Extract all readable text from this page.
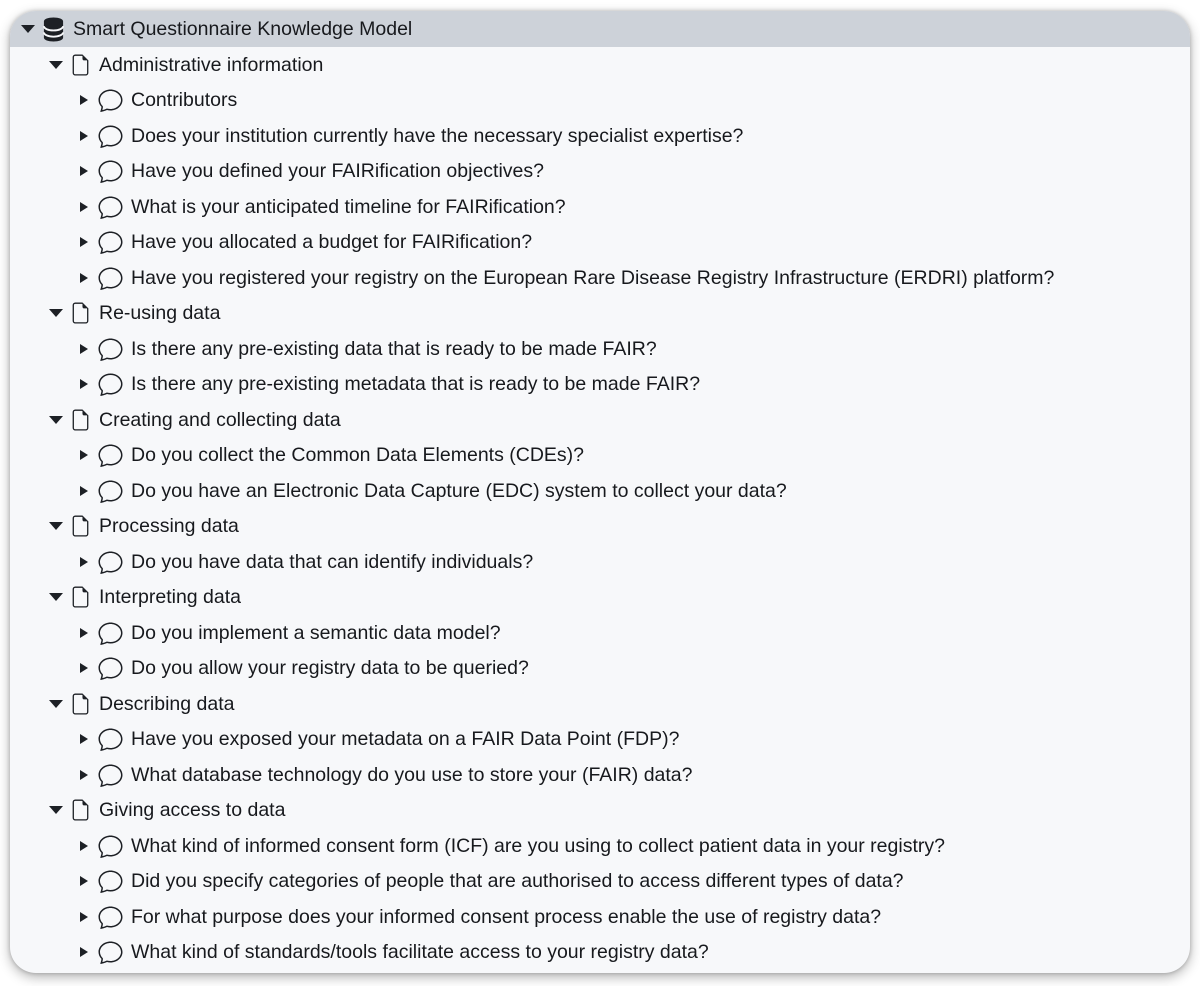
Smart Questionnaire Knowledge Model
Administrative information
Contributors
Does your institution currently have the necessary specialist expertise?
Have you defined your FAIRification objectives?
What is your anticipated timeline for FAIRification?
Have you allocated a budget for FAIRification?
Have you registered your registry on the European Rare Disease Registry Infrastructure (ERDRI) platform?
Re-using data
Is there any pre-existing data that is ready to be made FAIR?
Is there any pre-existing metadata that is ready to be made FAIR?
Creating and collecting data
Do you collect the Common Data Elements (CDEs)?
Do you have an Electronic Data Capture (EDC) system to collect your data?
Processing data
Do you have data that can identify individuals?
Interpreting data
Do you implement a semantic data model?
Do you allow your registry data to be queried?
Describing data
Have you exposed your metadata on a FAIR Data Point (FDP)?
What database technology do you use to store your (FAIR) data?
Giving access to data
What kind of informed consent form (ICF) are you using to collect patient data in your registry?
Did you specify categories of people that are authorised to access different types of data?
For what purpose does your informed consent process enable the use of registry data?
What kind of standards/tools facilitate access to your registry data?
